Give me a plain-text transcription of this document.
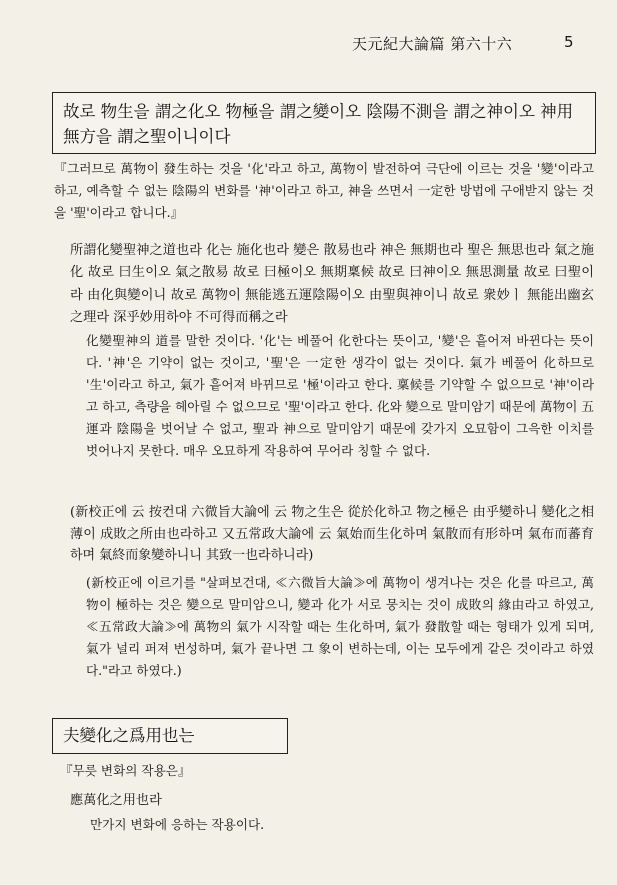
天元紀大論篇 第六十六	5
故로 物生을 謂之化오 物極을 謂之變이오 陰陽不測을 謂之神이오 神用無方을 謂之聖이니이다
『그러므로 萬物이 發生하는 것을 '化'라고 하고, 萬物이 발전하여 극단에 이르는 것을 '變'이라고 하고, 예측할 수 없는 陰陽의 변화를 '神'이라고 하고, 神을 쓰면서 一定한 방법에 구애받지 않는 것을 '聖'이라고 합니다.』
所謂化變聖神之道也라 化는 施化也라 變은 散易也라 神은 無期也라 聖은 無思也라 氣之施化 故로 曰生이오 氣之散易 故로 曰極이오 無期稟候 故로 曰神이오 無思測量 故로 曰聖이라 由化與變이니 故로 萬物이 無能逃五運陰陽이오 由聖與神이니 故로 衆妙ㅣ 無能出幽玄之理라 深乎妙用하야 不可得而稱之라
化變聖神의 道를 말한 것이다. '化'는 베풀어 化한다는 뜻이고, '變'은 흩어져 바뀐다는 뜻이다. '神'은 기약이 없는 것이고, '聖'은 一定한 생각이 없는 것이다. 氣가 베풀어 化하므로 '生'이라고 하고, 氣가 흩어져 바뀌므로 '極'이라고 한다. 稟候를 기약할 수 없으므로 '神'이라고 하고, 측량을 헤아릴 수 없으므로 '聖'이라고 한다. 化와 變으로 말미암기 때문에 萬物이 五運과 陰陽을 벗어날 수 없고, 聖과 神으로 말미암기 때문에 갖가지 오묘함이 그윽한 이치를 벗어나지 못한다. 매우 오묘하게 작용하여 무어라 칭할 수 없다.
(新校正에 云 按컨대 六微旨大論에 云 物之生은 從於化하고 物之極은 由乎變하니 變化之相薄이 成敗之所由也라하고 又五常政大論에 云 氣始而生化하며 氣散而有形하며 氣布而蕃育하며 氣終而象變하니니 其致一也라하니라)
(新校正에 이르기를 "살펴보건대, ≪六微旨大論≫에 萬物이 생겨나는 것은 化를 따르고, 萬物이 極하는 것은 變으로 말미암으니, 變과 化가 서로 뭉치는 것이 成敗의 緣由라고 하였고, ≪五常政大論≫에 萬物의 氣가 시작할 때는 生化하며, 氣가 發散할 때는 형태가 있게 되며, 氣가 널리 퍼져 번성하며, 氣가 끝나면 그 象이 변하는데, 이는 모두에게 같은 것이라고 하였다."라고 하였다.)
夫變化之爲用也는
『무릇 변화의 작용은』
應萬化之用也라
만가지 변화에 응하는 작용이다.
